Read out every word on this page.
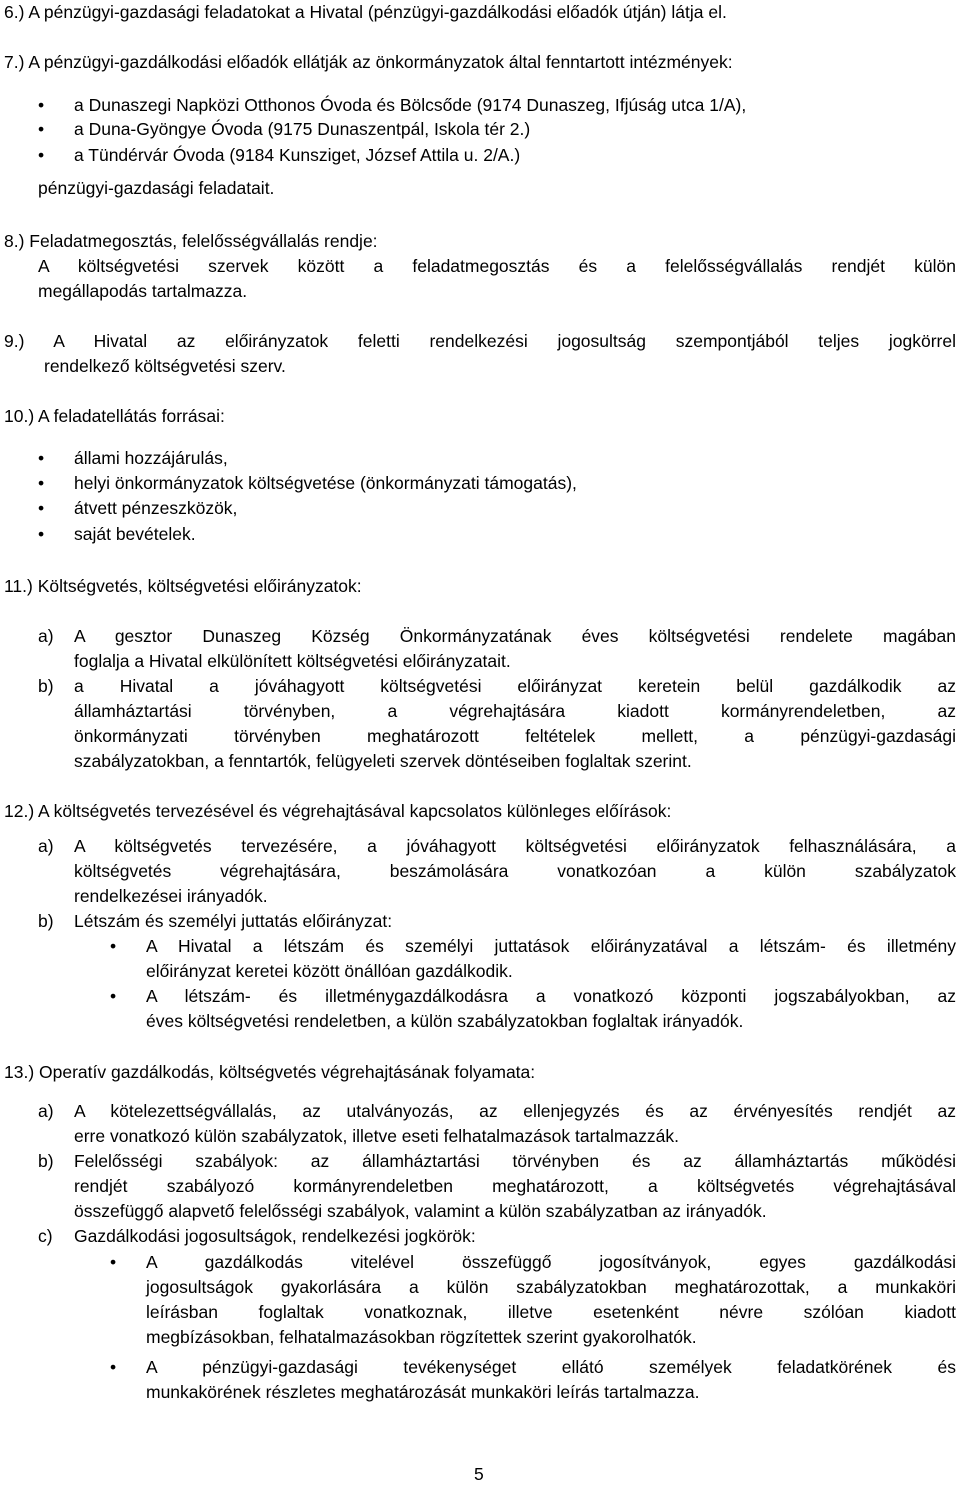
6.) A pénzügyi-gazdasági feladatokat a Hivatal (pénzügyi-gazdálkodási előadók útján) látja el.
7.) A pénzügyi-gazdálkodási előadók ellátják az önkormányzatok által fenntartott intézmények:
• a Dunaszegi Napközi Otthonos Óvoda és Bölcsőde (9174 Dunaszeg, Ifjúság utca 1/A),
• a Duna-Gyöngye Óvoda (9175 Dunaszentpál, Iskola tér 2.)
• a Tündérvár Óvoda (9184 Kunsziget, József Attila u. 2/A.)
pénzügyi-gazdasági feladatait.
8.) Feladatmegosztás, felelősségvállalás rendje:
A költségvetési szervek között a feladatmegosztás és a felelősségvállalás rendjét külön
megállapodás tartalmazza.
9.) A Hivatal az előirányzatok feletti rendelkezési jogosultság szempontjából teljes jogkörrel
rendelkező költségvetési szerv.
10.) A feladatellátás forrásai:
• állami hozzájárulás,
• helyi önkormányzatok költségvetése (önkormányzati támogatás),
• átvett pénzeszközök,
• saját bevételek.
11.) Költségvetés, költségvetési előirányzatok:
a) A gesztor Dunaszeg Község Önkormányzatának éves költségvetési rendelete magában
foglalja a Hivatal elkülönített költségvetési előirányzatait.
b) a Hivatal a jóváhagyott költségvetési előirányzat keretein belül gazdálkodik az
államháztartási törvényben, a végrehajtására kiadott kormányrendeletben, az
önkormányzati törvényben meghatározott feltételek mellett, a pénzügyi-gazdasági
szabályzatokban, a fenntartók, felügyeleti szervek döntéseiben foglaltak szerint.
12.) A költségvetés tervezésével és végrehajtásával kapcsolatos különleges előírások:
a) A költségvetés tervezésére, a jóváhagyott költségvetési előirányzatok felhasználására, a
költségvetés végrehajtására, beszámolására vonatkozóan a külön szabályzatok
rendelkezései irányadók.
b) Létszám és személyi juttatás előirányzat:
• A Hivatal a létszám és személyi juttatások előirányzatával a létszám- és illetmény
előirányzat keretei között önállóan gazdálkodik.
• A létszám- és illetménygazdálkodásra a vonatkozó központi jogszabályokban, az
éves költségvetési rendeletben, a külön szabályzatokban foglaltak irányadók.
13.) Operatív gazdálkodás, költségvetés végrehajtásának folyamata:
a) A kötelezettségvállalás, az utalványozás, az ellenjegyzés és az érvényesítés rendjét az
erre vonatkozó külön szabályzatok, illetve eseti felhatalmazások tartalmazzák.
b) Felelősségi szabályok: az államháztartási törvényben és az államháztartás működési
rendjét szabályozó kormányrendeletben meghatározott, a költségvetés végrehajtásával
összefüggő alapvető felelősségi szabályok, valamint a külön szabályzatban az irányadók.
c) Gazdálkodási jogosultságok, rendelkezési jogkörök:
• A gazdálkodás vitelével összefüggő jogosítványok, egyes gazdálkodási
jogosultságok gyakorlására a külön szabályzatokban meghatározottak, a munkaköri
leírásban foglaltak vonatkoznak, illetve esetenként névre szólóan kiadott
megbízásokban, felhatalmazásokban rögzítettek szerint gyakorolhatók.
• A pénzügyi-gazdasági tevékenységet ellátó személyek feladatkörének és
munkakörének részletes meghatározását munkaköri leírás tartalmazza.
5
